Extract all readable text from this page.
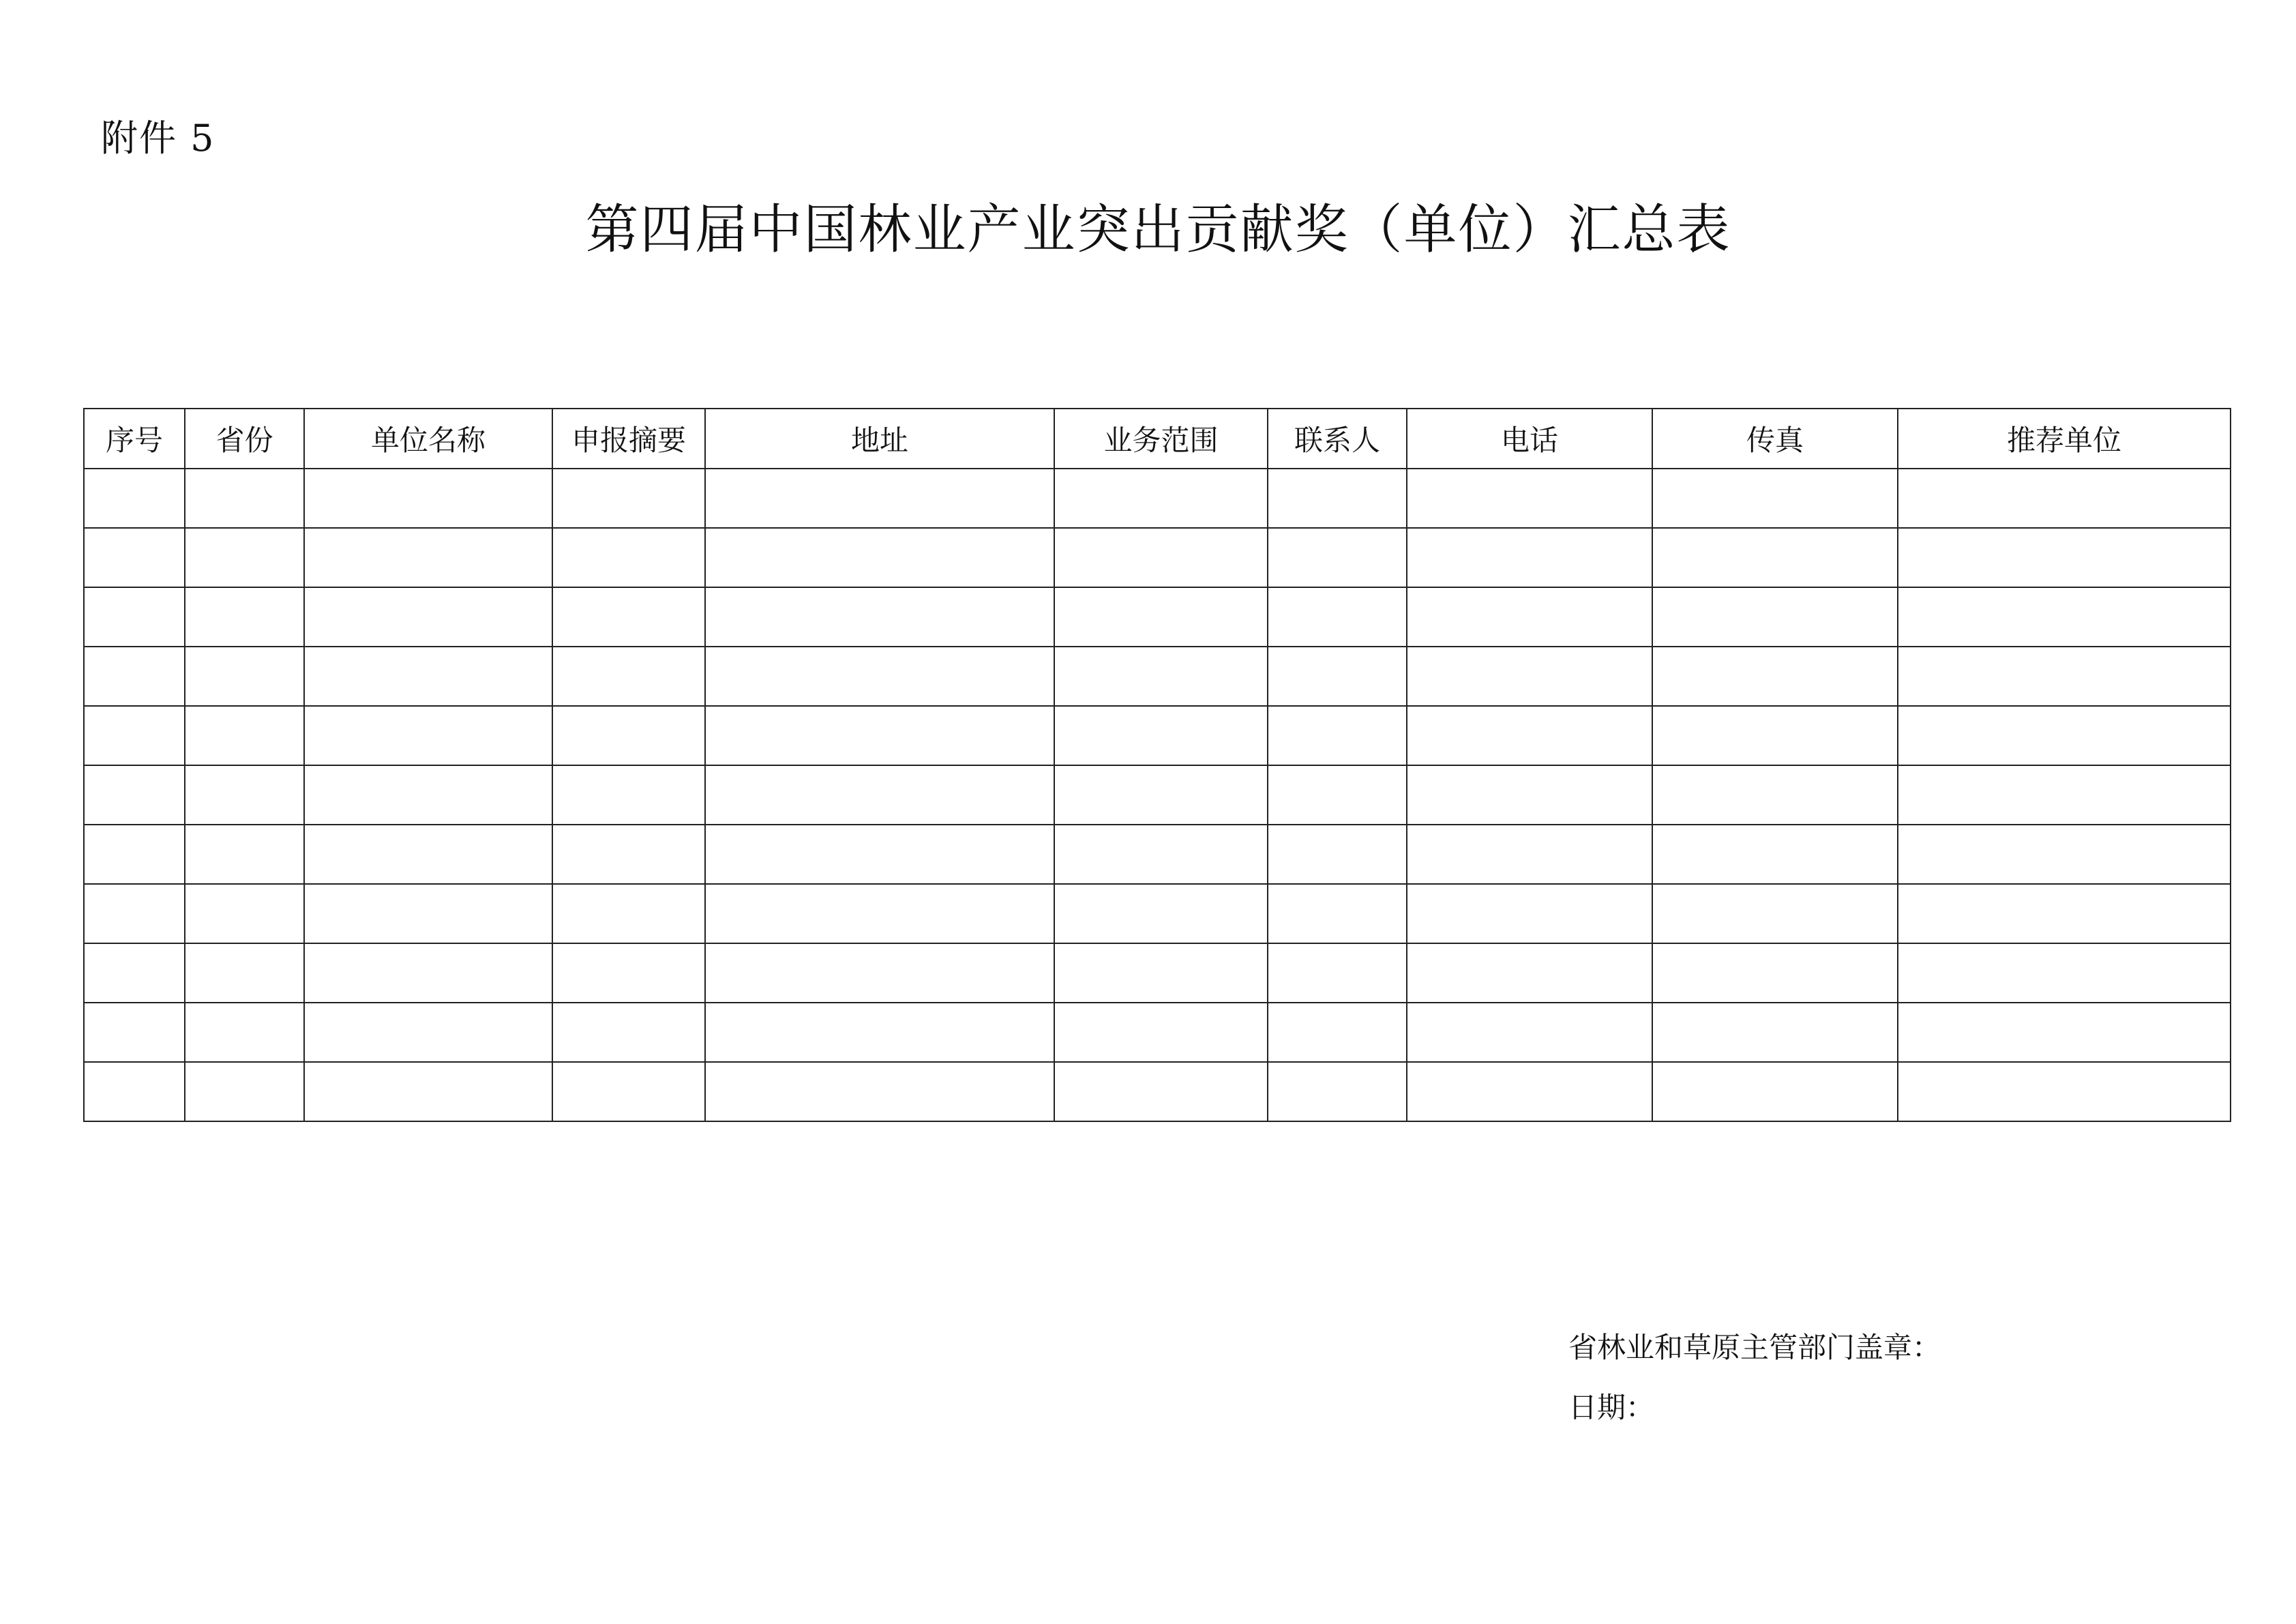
附件 5
第四届中国林业产业突出贡献奖（单位）汇总表
序号	省份	单位名称	申报摘要	地址	业务范围	联系人	电话	传真	推荐单位

省林业和草原主管部门盖章：
日期：
